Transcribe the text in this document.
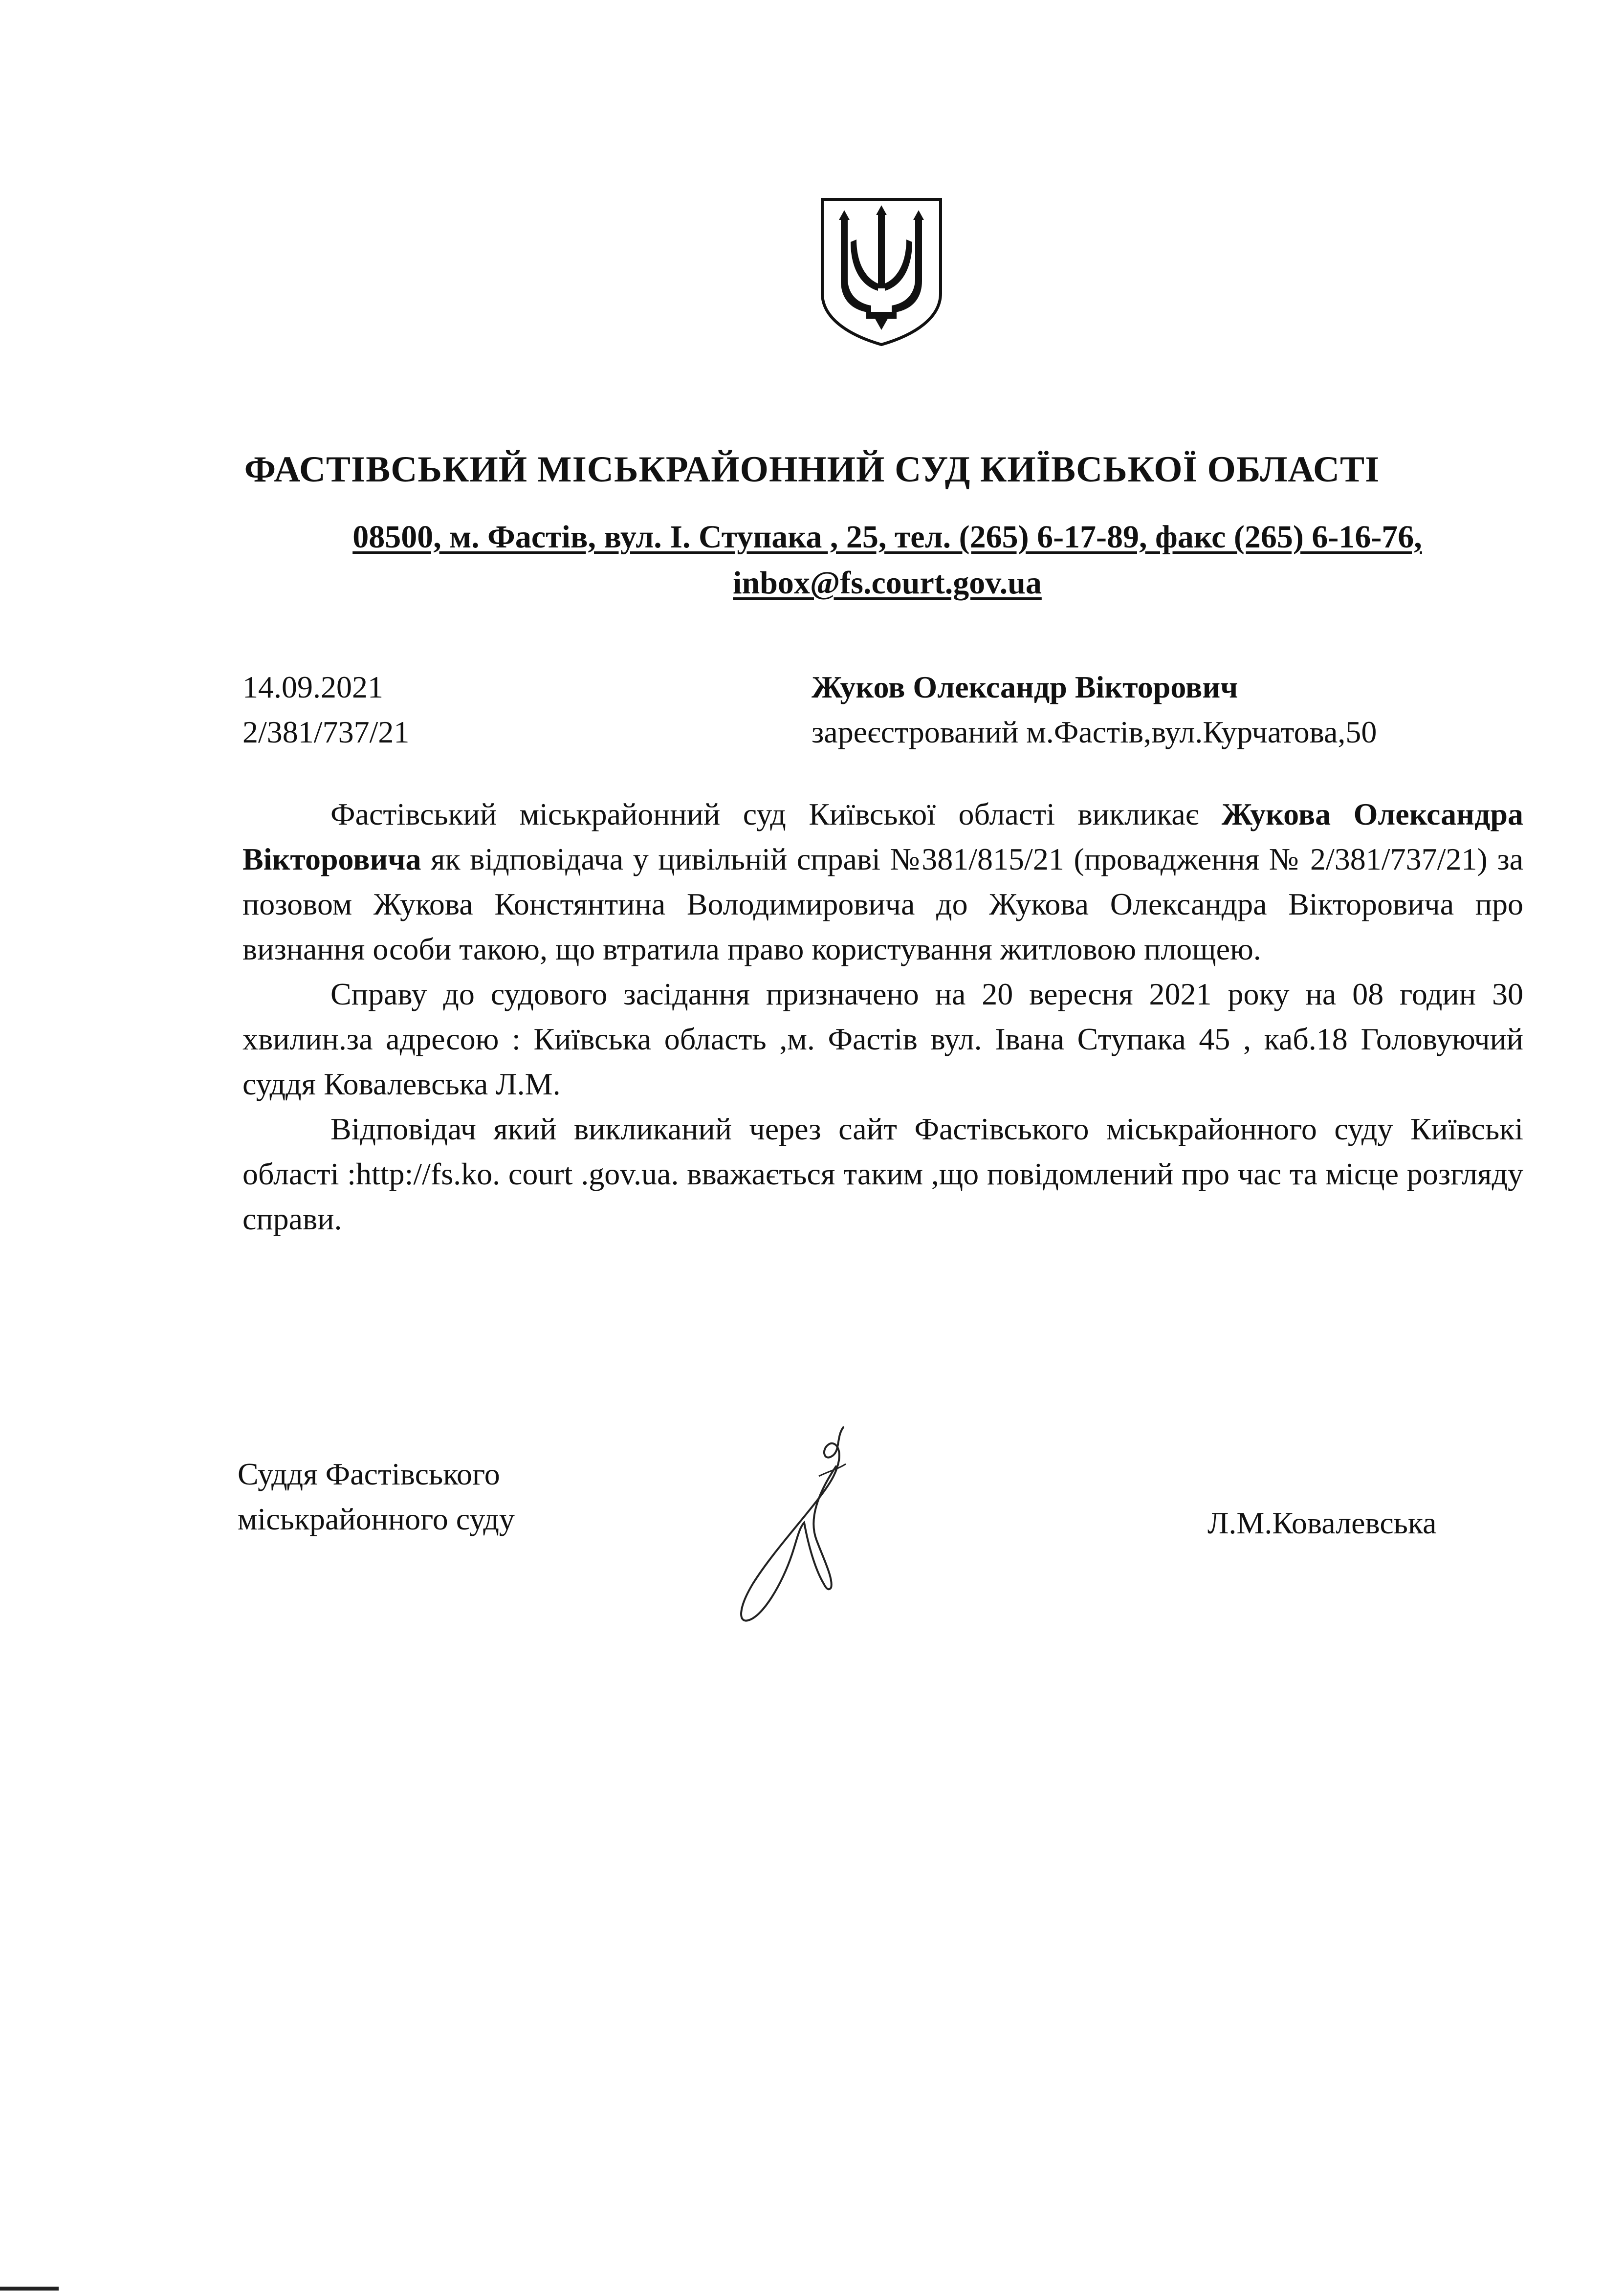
ФАСТІВСЬКИЙ МІСЬКРАЙОННИЙ СУД КИЇВСЬКОЇ ОБЛАСТІ
08500, м. Фастів, вул. І. Ступака , 25, тел. (265) 6-17-89, факс (265) 6-16-76, inbox@fs.court.gov.ua
14.09.2021
2/381/737/21
Жуков Олександр Вікторович
зареєстрований м.Фастів,вул.Курчатова,50

Фастівський міськрайонний суд Київської області викликає Жукова Олександра Вікторовича як відповідача у цивільній справі №381/815/21 (провадження № 2/381/737/21) за позовом Жукова Констянтина Володимировича до Жукова Олександра Вікторовича про визнання особи такою, що втратила право користування житловою площею.

Справу до судового засідання призначено на 20 вересня 2021 року на 08 годин 30 хвилин.за адресою : Київська область ,м. Фастів вул. Івана Ступака 45 , каб.18 Головуючий суддя Ковалевська Л.М.

Відповідач який викликаний через сайт Фастівського міськрайонного суду Київські області :http://fs.ko. court .gov.ua. вважається таким ,що повідомлений про час та місце розгляду справи.

Суддя Фастівського
міськрайонного суду	Л.М.Ковалевська
